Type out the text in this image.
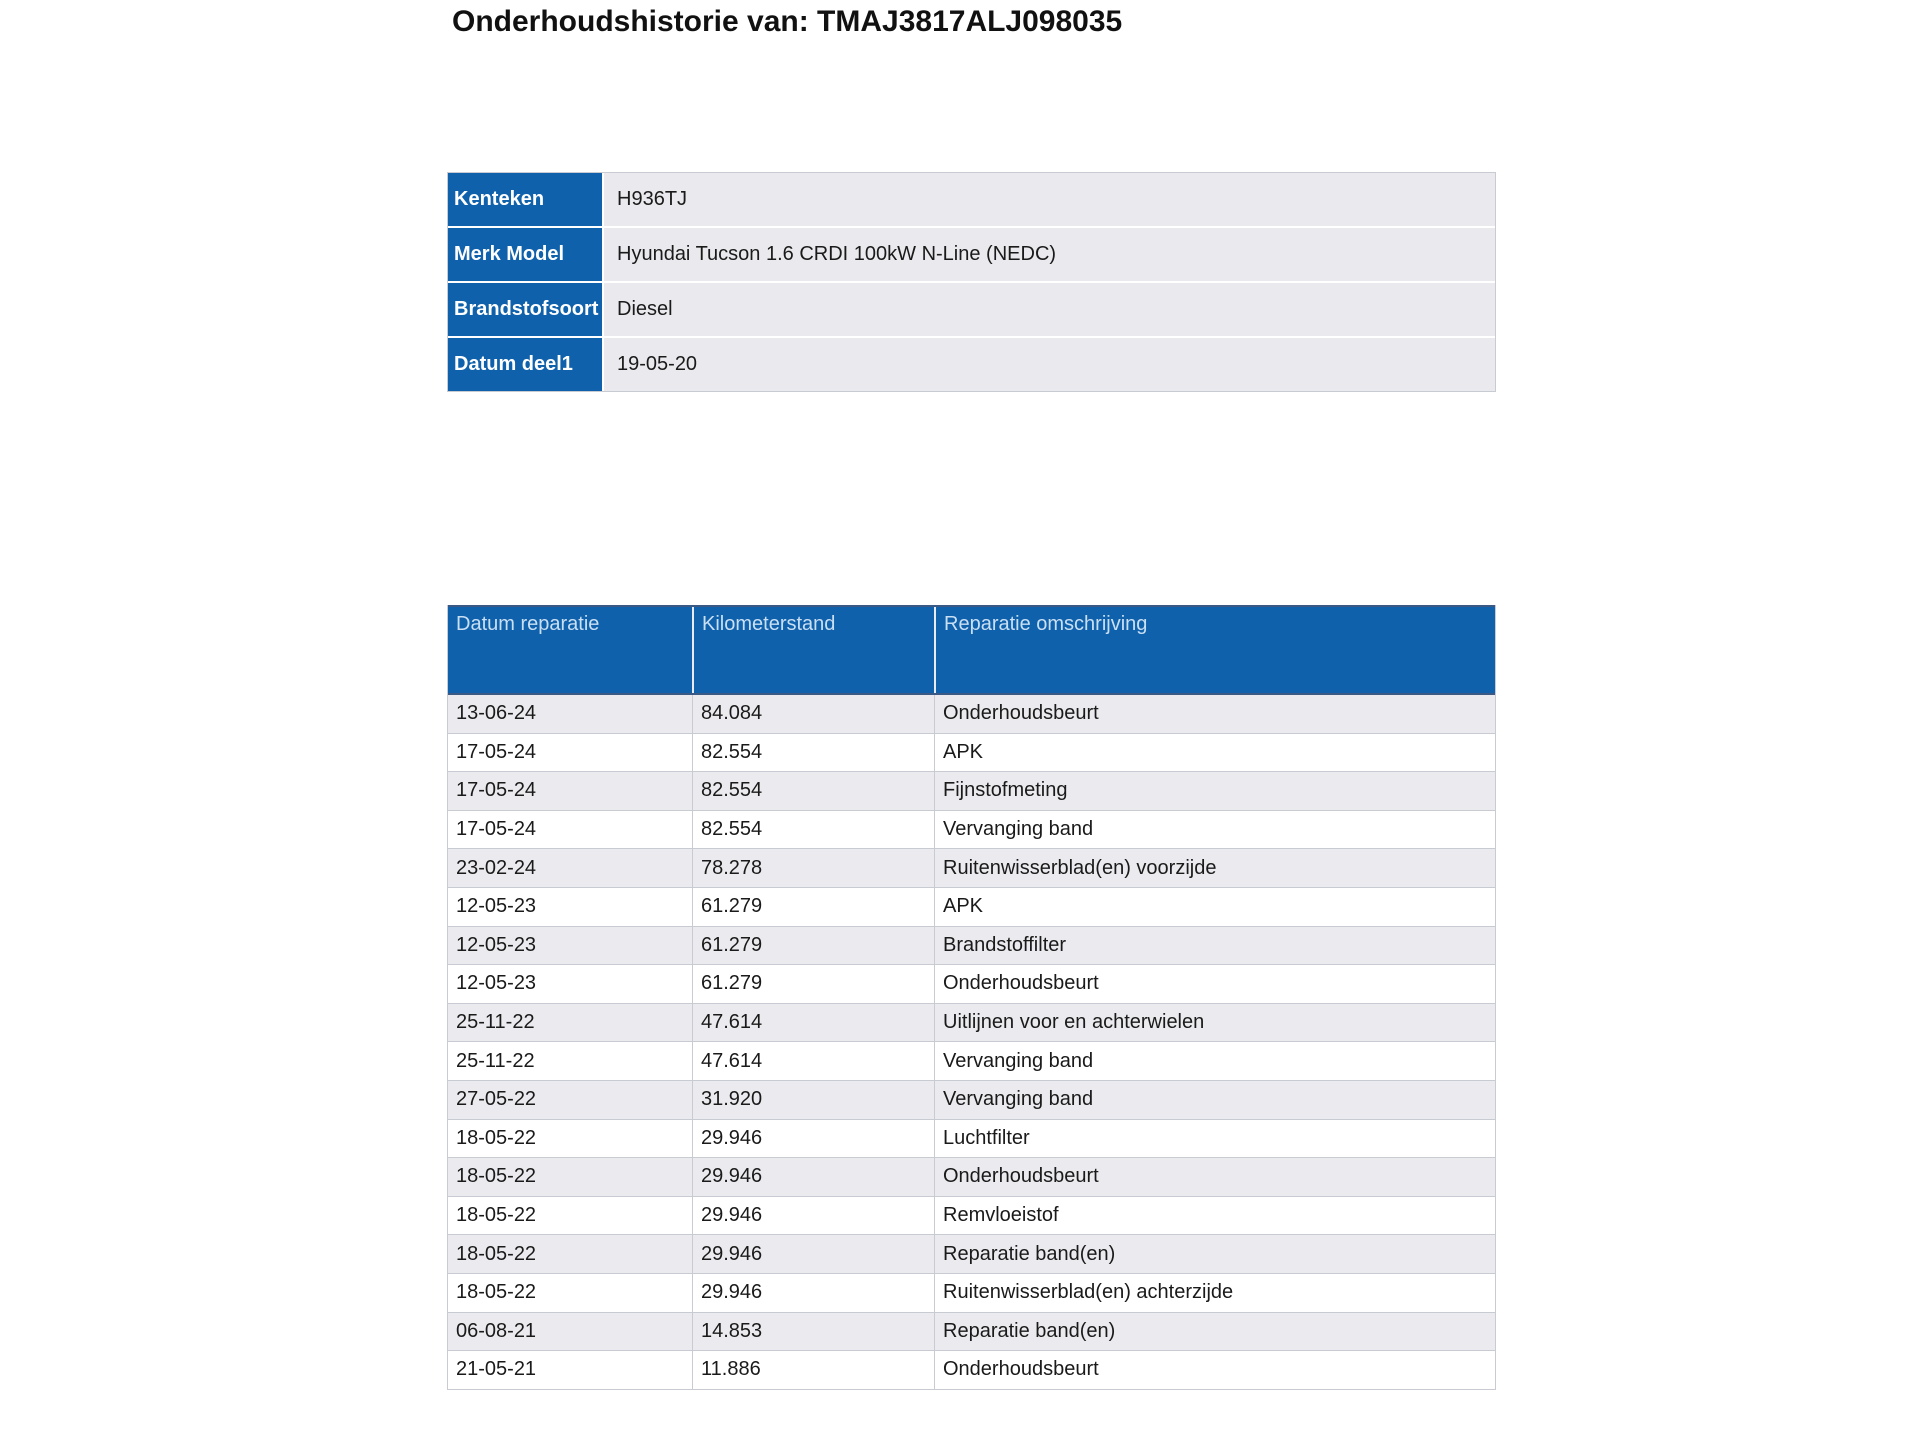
Onderhoudshistorie van: TMAJ3817ALJ098035
Kenteken	H936TJ
Merk Model	Hyundai Tucson 1.6 CRDI 100kW N-Line (NEDC)
Brandstofsoort Diesel
Datum deel1	19-05-20
Datum reparatie	Kilometerstand	Reparatie omschrijving
13-06-24	84.084	Onderhoudsbeurt
17-05-24	82.554	APK
17-05-24	82.554	Fijnstofmeting
17-05-24	82.554	Vervanging band
23-02-24	78.278	Ruitenwisserblad(en) voorzijde
12-05-23	61.279	APK
12-05-23	61.279	Brandstoffilter
12-05-23	61.279	Onderhoudsbeurt
25-11-22	47.614	Uitlijnen voor en achterwielen
25-11-22	47.614	Vervanging band
27-05-22	31.920	Vervanging band
18-05-22	29.946	Luchtfilter
18-05-22	29.946	Onderhoudsbeurt
18-05-22	29.946	Remvloeistof
18-05-22	29.946	Reparatie band(en)
18-05-22	29.946	Ruitenwisserblad(en) achterzijde
06-08-21	14.853	Reparatie band(en)
21-05-21	11.886	Onderhoudsbeurt
